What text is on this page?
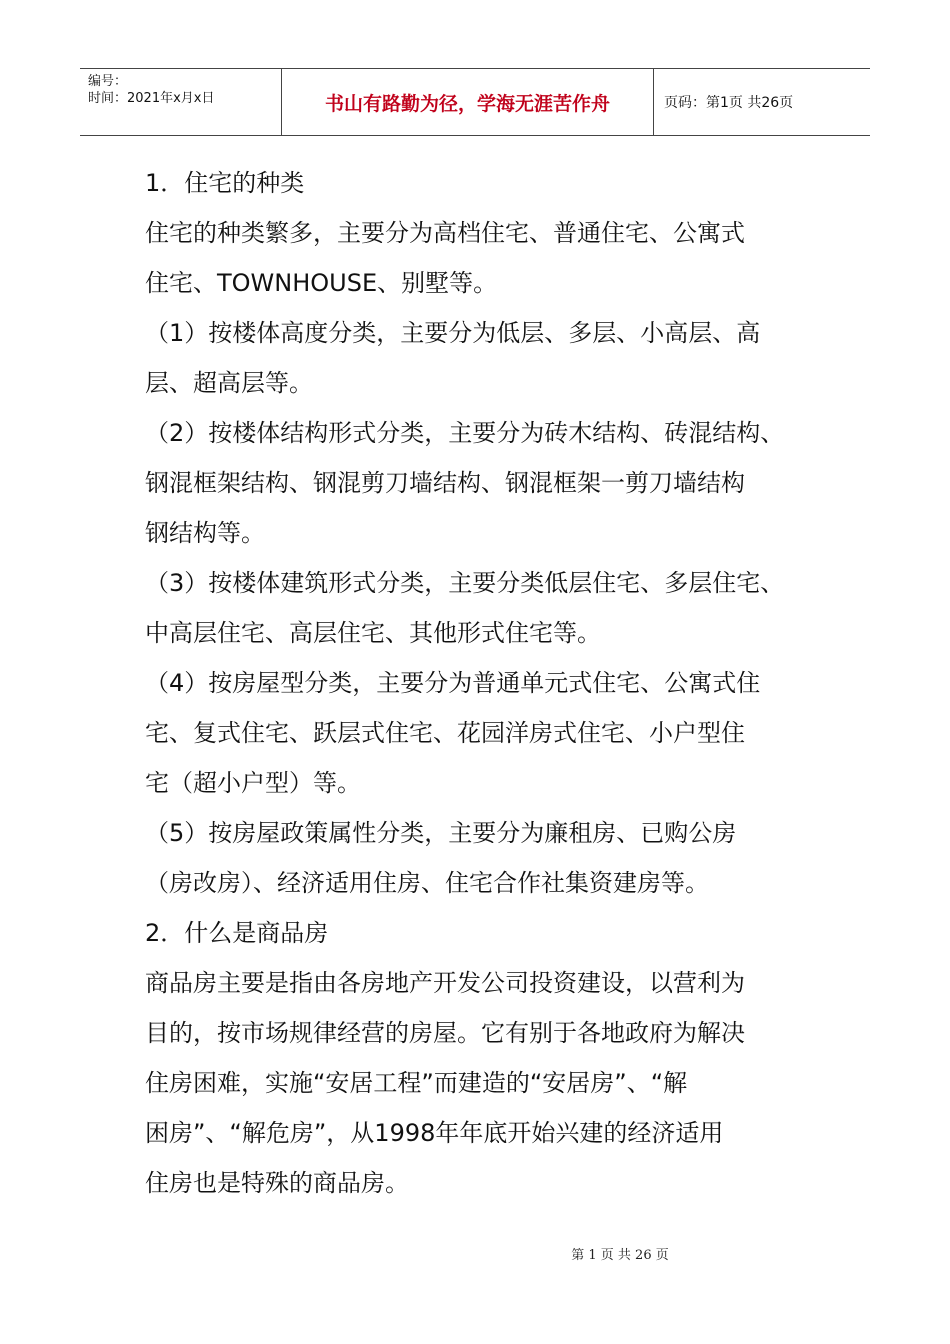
编号：
时间：2021年x月x日	书山有路勤为径，学海无涯苦作舟	页码：第1页 共26页

1．住宅的种类

住宅的种类繁多，主要分为高档住宅、普通住宅、公寓式

住宅、TOWNHOUSE、别墅等。

（1）按楼体高度分类，主要分为低层、多层、小高层、高

层、超高层等。

（2）按楼体结构形式分类，主要分为砖木结构、砖混结构、

钢混框架结构、钢混剪刀墙结构、钢混框架一剪刀墙结构

钢结构等。

（3）按楼体建筑形式分类，主要分类低层住宅、多层住宅、

中高层住宅、高层住宅、其他形式住宅等。

（4）按房屋型分类，主要分为普通单元式住宅、公寓式住

宅、复式住宅、跃层式住宅、花园洋房式住宅、小户型住

宅（超小户型）等。

（5）按房屋政策属性分类，主要分为廉租房、已购公房

（房改房）、经济适用住房、住宅合作社集资建房等。

2．什么是商品房

商品房主要是指由各房地产开发公司投资建设，以营利为

目的，按市场规律经营的房屋。它有别于各地政府为解决

住房困难，实施“安居工程”而建造的“安居房”、“解

困房”、“解危房”，从1998年年底开始兴建的经济适用

住房也是特殊的商品房。

第 1 页 共 26 页
